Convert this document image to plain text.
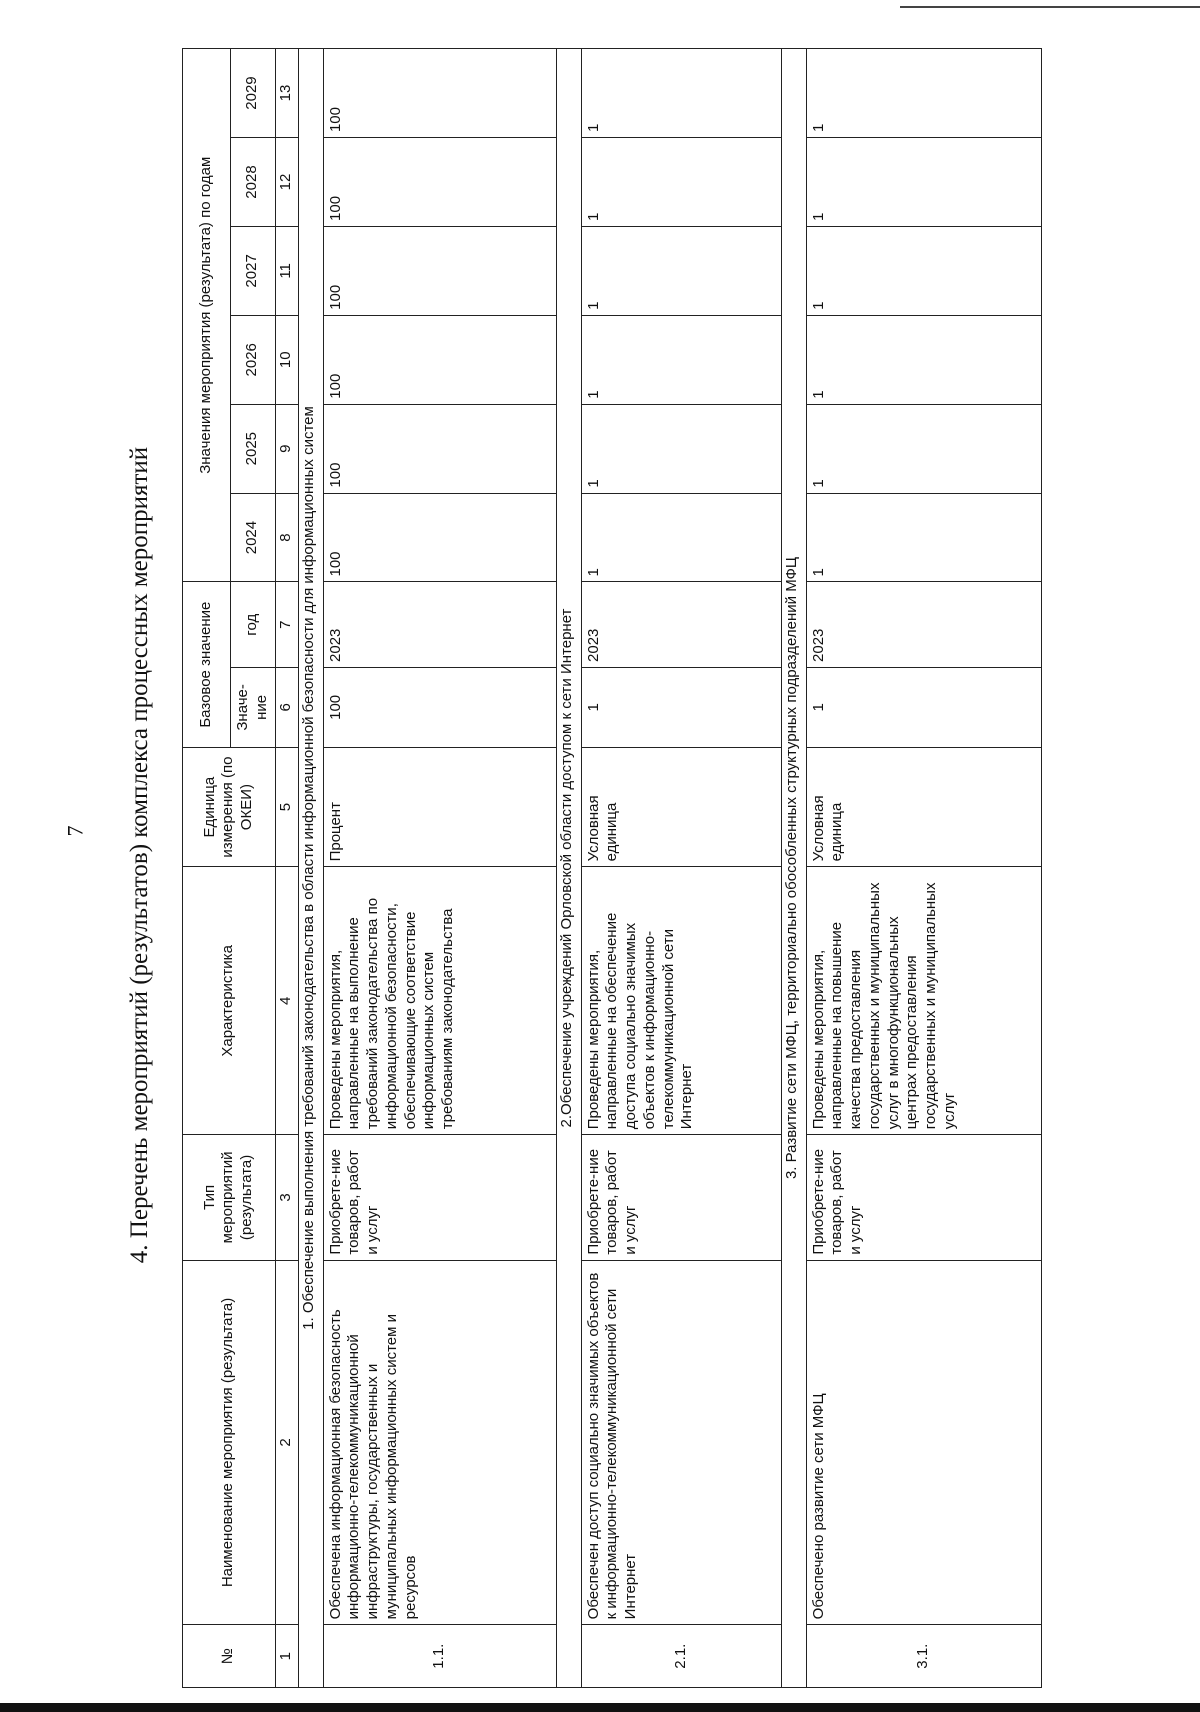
7 4. Перечень мероприятий (результатов) комплекса процессных мероприятий
№	Наименование мероприятия (результата)	Тип мероприятий (результата)	Характеристика	Единица измерения (по ОКЕИ)	Базовое значение		Значения мероприятия (результата) по годам					
					Значе-ние	год	2024	2025	2026	2027	2028	2029
1	2	3	4	5	6	7	8	9	10	11	12	13
1. Обеспечение выполнения требований законодательства в области информационной безопасности для информационных систем												
1.1.	Обеспечена информационная безопасность информационно-телекоммуникационной инфраструктуры, государственных и муниципальных информационных систем и ресурсов	Приобрете-ние товаров, работ и услуг	Проведены мероприятия, направленные на выполнение требований законодательства по информационной безопасности, обеспечивающие соответствие информационных систем требованиям законодательства	Процент	100	2023	100	100	100	100	100	100
2.Обеспечение учреждений Орловской области доступом к сети Интернет												
2.1.	Обеспечен доступ социально значимых объектов к информационно-телекоммуникационной сети Интернет	Приобрете-ние товаров, работ и услуг	Проведены мероприятия, направленные на обеспечение доступа социально значимых объектов к информационно-телекоммуникационной сети Интернет	Условная единица	1	2023	1	1	1	1	1	1
3. Развитие сети МФЦ, территориально обособленных структурных подразделений МФЦ												
3.1.	Обеспечено развитие сети МФЦ	Приобрете-ние товаров, работ и услуг	Проведены мероприятия, направленные на повышение качества предоставления государственных и муниципальных услуг в многофункциональных центрах предоставления государственных и муниципальных услуг	Условная единица	1	2023	1	1	1	1	1	1
